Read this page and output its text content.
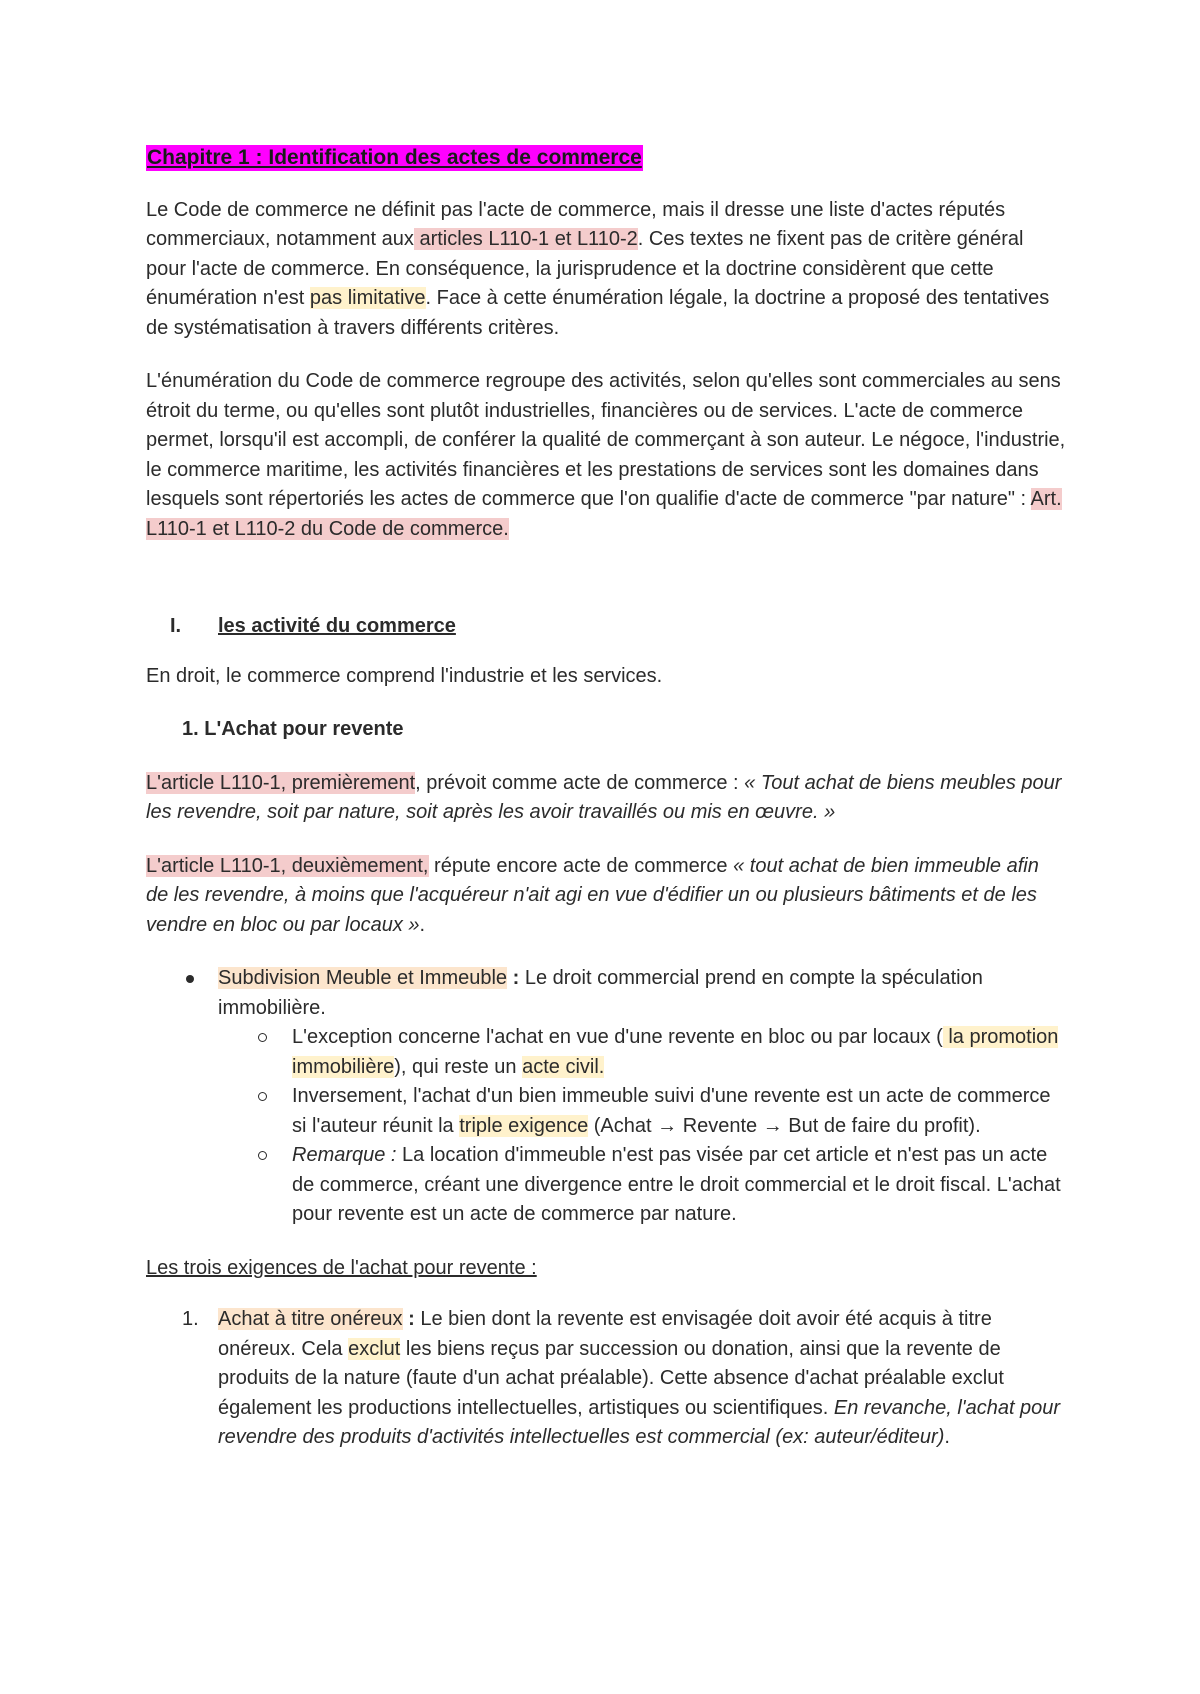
Chapitre 1 : Identification des actes de commerce

Le Code de commerce ne définit pas l'acte de commerce, mais il dresse une liste d'actes réputés commerciaux, notamment aux articles L110-1 et L110-2. Ces textes ne fixent pas de critère général pour l'acte de commerce. En conséquence, la jurisprudence et la doctrine considèrent que cette énumération n'est pas limitative. Face à cette énumération légale, la doctrine a proposé des tentatives de systématisation à travers différents critères.

L'énumération du Code de commerce regroupe des activités, selon qu'elles sont commerciales au sens étroit du terme, ou qu'elles sont plutôt industrielles, financières ou de services. L'acte de commerce permet, lorsqu'il est accompli, de conférer la qualité de commerçant à son auteur. Le négoce, l'industrie, le commerce maritime, les activités financières et les prestations de services sont les domaines dans lesquels sont répertoriés les actes de commerce que l'on qualifie d'acte de commerce "par nature" : Art. L110-1 et L110-2 du Code de commerce.

I.	les activité du commerce

En droit, le commerce comprend l'industrie et les services.

1. L'Achat pour revente

L'article L110-1, premièrement, prévoit comme acte de commerce : « Tout achat de biens meubles pour les revendre, soit par nature, soit après les avoir travaillés ou mis en œuvre. »

L'article L110-1, deuxièmement, répute encore acte de commerce « tout achat de bien immeuble afin de les revendre, à moins que l'acquéreur n'ait agi en vue d'édifier un ou plusieurs bâtiments et de les vendre en bloc ou par locaux ».

Subdivision Meuble et Immeuble : Le droit commercial prend en compte la spéculation immobilière.
L'exception concerne l'achat en vue d'une revente en bloc ou par locaux ( la promotion immobilière), qui reste un acte civil.
Inversement, l'achat d'un bien immeuble suivi d'une revente est un acte de commerce si l'auteur réunit la triple exigence (Achat → Revente → But de faire du profit).
Remarque : La location d'immeuble n'est pas visée par cet article et n'est pas un acte de commerce, créant une divergence entre le droit commercial et le droit fiscal. L'achat pour revente est un acte de commerce par nature.

Les trois exigences de l'achat pour revente :

1. Achat à titre onéreux : Le bien dont la revente est envisagée doit avoir été acquis à titre onéreux. Cela exclut les biens reçus par succession ou donation, ainsi que la revente de produits de la nature (faute d'un achat préalable). Cette absence d'achat préalable exclut également les productions intellectuelles, artistiques ou scientifiques. En revanche, l'achat pour revendre des produits d'activités intellectuelles est commercial (ex: auteur/éditeur).
